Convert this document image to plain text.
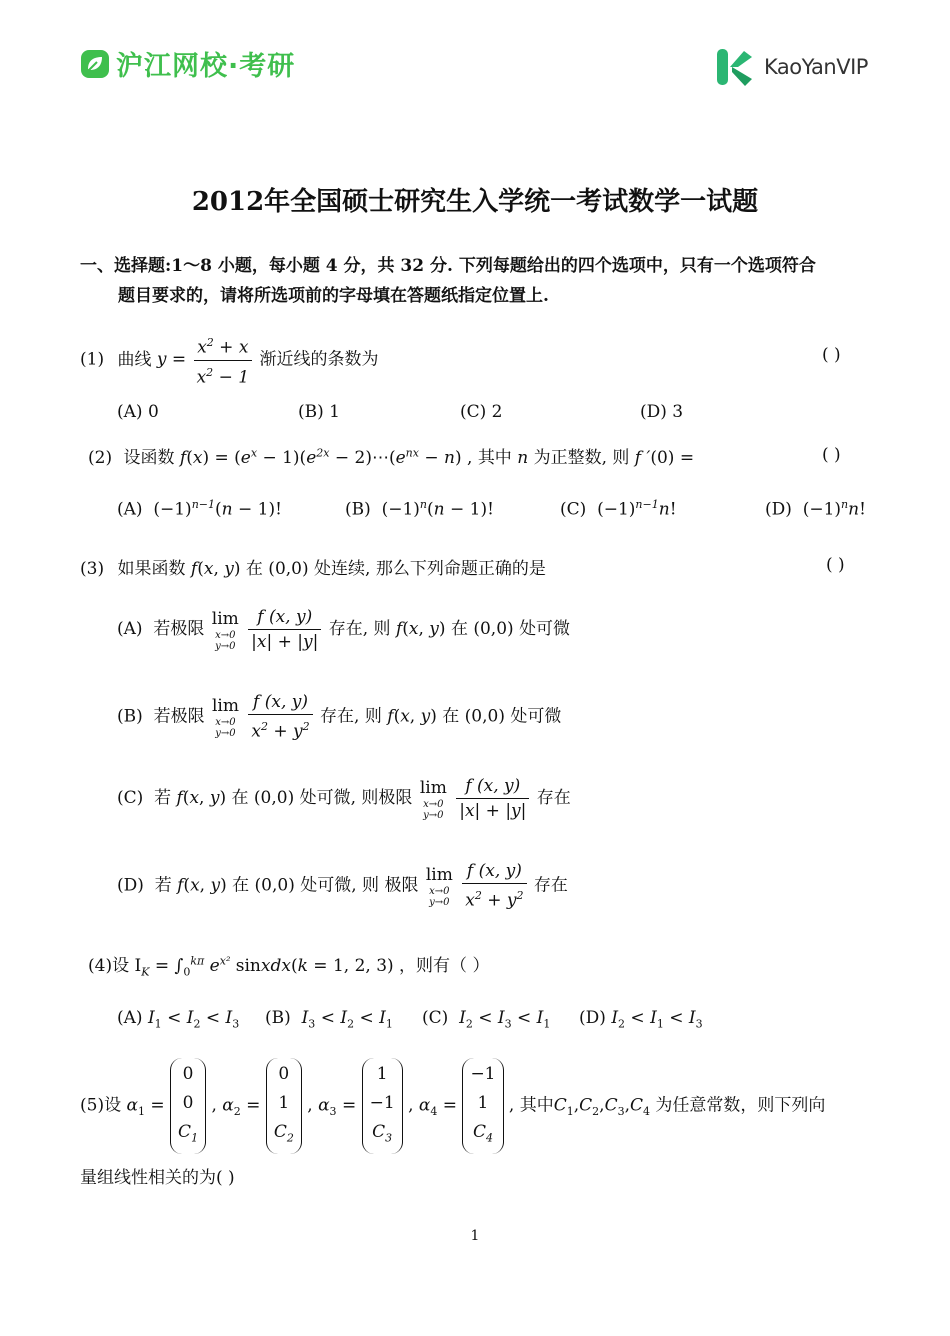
沪江网校·考研	KaoYanVIP
2012年全国硕士研究生入学统一考试数学一试题
一、选择题:1～8 小题，每小题 4 分，共 32 分. 下列每题给出的四个选项中，只有一个选项符合
题目要求的，请将所选项前的字母填在答题纸指定位置上.
(1) 曲线 $y = \frac{x^2 + x}{x^2 - 1}$ 渐近线的条数为	( )
(A) 0	(B) 1	(C) 2	(D) 3
(2) 设函数 $f(x) = (e^x - 1)(e^{2x}$ − $2)\cdots(e^{nx} - n)$ , 其中 n 为正整数, 则 f ′(0) =	( )
(A)  $(-1)^{n-1}(n - 1)$!	(B)  $(-1)^n(n - 1)$!	(C)  $(-1)^{n-1}n$!	(D)  $(-1)^nn$!
(3) 如果函数 f(x, y) 在 (0,0) 处连续, 那么下列命题正确的是	( )
(A) 若极限
lim
x→0
y→0
$\frac{f (x, y)}{|x| + |y|}$ 存在, 则 f(x, y) 在 (0,0) 处可微
(B) 若极限
lim
x→0
y→0
$\frac{f (x, y)}{x^2 + y^2}$ 存在, 则 f(x, y) 在 (0,0) 处可微
(C) 若 f(x, y) 在 (0,0) 处可微, 则极限
lim
x→0
y→0
$\frac{f (x, y)}{|x| + |y|}$ 存在
(D) 若 f(x, y) 在 (0,0) 处可微, 则 极限
lim
x→0
y→0
$\frac{f (x, y)}{x^2 + y^2}$ 存在
(4)设 $I_K = \int_0^{k\pi}$ $e^{x^2}$ sinxdx(k = 1, 2, 3) ，则有（ ）
(A) $I_1 < I_2 < I_3$ (B) $I_3 < I_2 < I_1$ (C) $I_2 < I_3 < I_1$ (D) $I_2 < I_1 < I_3$
(5)设 $\alpha_1$ =
0
0
$C_1$
, $\alpha_2$ =
0
1
$C_2$
, $\alpha_3$ =
1
−1
$C_3$
, $\alpha_4$ =
−1
1
$C_4$
, 其中$C_1,C_2,C_3,C_4$ 为任意常数，则下列向
量组线性相关的为( )
1
